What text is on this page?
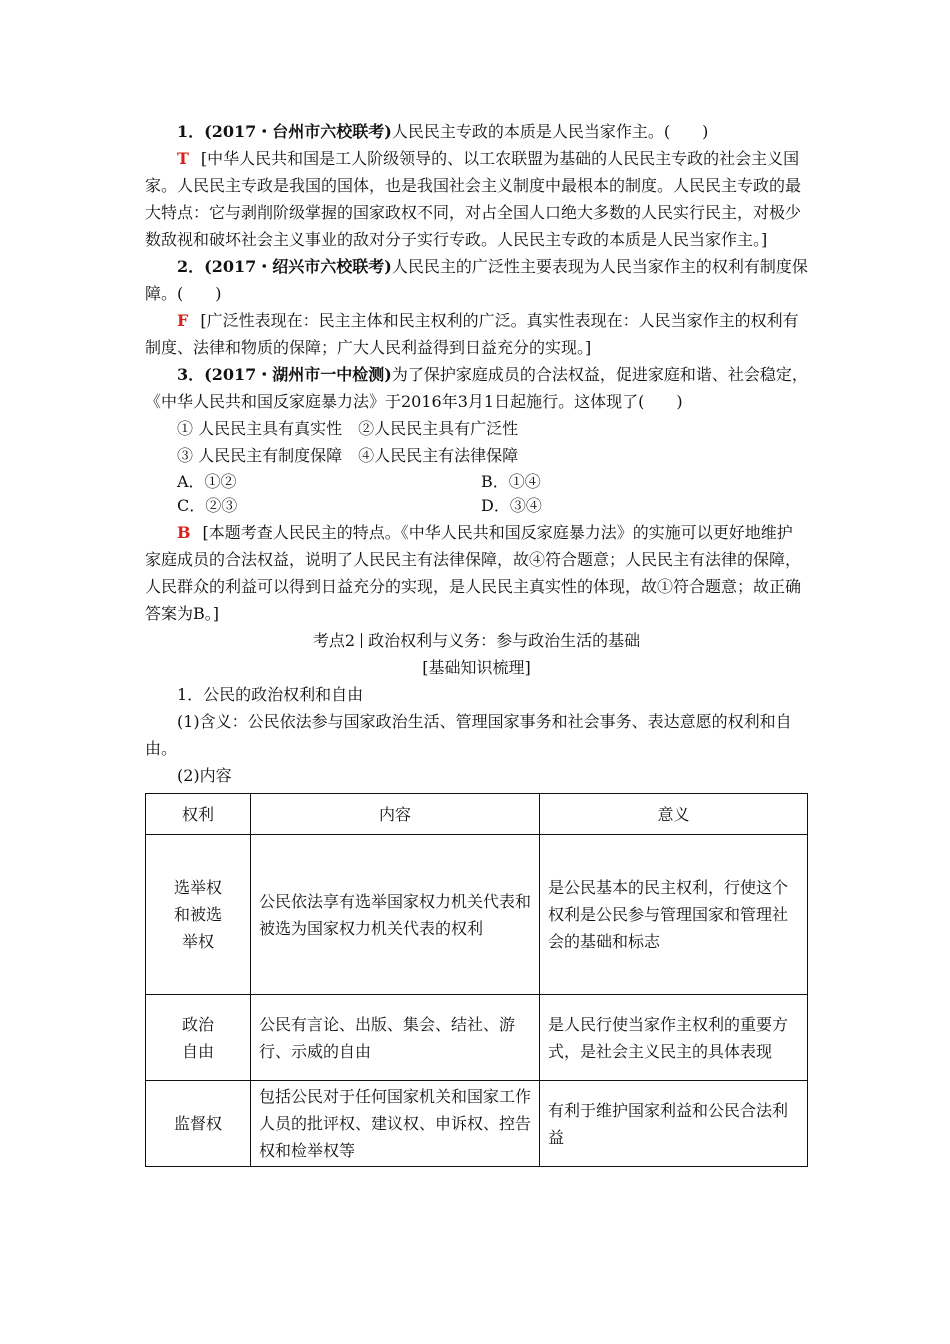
1．(2017・台州市六校联考)人民民主专政的本质是人民当家作主。(　　)

T [中华人民共和国是工人阶级领导的、以工农联盟为基础的人民民主专政的社会主义国家。人民民主专政是我国的国体，也是我国社会主义制度中最根本的制度。人民民主专政的最大特点：它与剥削阶级掌握的国家政权不同，对占全国人口绝大多数的人民实行民主，对极少数敌视和破坏社会主义事业的敌对分子实行专政。人民民主专政的本质是人民当家作主。]

2．(2017・绍兴市六校联考)人民民主的广泛性主要表现为人民当家作主的权利有制度保障。(　　)

F [广泛性表现在：民主主体和民主权利的广泛。真实性表现在：人民当家作主的权利有制度、法律和物质的保障；广大人民利益得到日益充分的实现。]

3．(2017・湖州市一中检测)为了保护家庭成员的合法权益，促进家庭和谐、社会稳定，《中华人民共和国反家庭暴力法》于2016年3月1日起施行。这体现了(　　)

① 人民民主具有真实性　②人民民主具有广泛性

③ 人民民主有制度保障　④人民民主有法律保障

A．①②	B．①④
C．②③	D．③④

B [本题考查人民民主的特点。《中华人民共和国反家庭暴力法》的实施可以更好地维护家庭成员的合法权益，说明了人民民主有法律保障，故④符合题意；人民民主有法律的保障，人民群众的利益可以得到日益充分的实现，是人民民主真实性的体现，故①符合题意；故正确答案为B。]

考点2 政治权利与义务：参与政治生活的基础
[基础知识梳理]

1．公民的政治权利和自由

(1)含义：公民依法参与国家政治生活、管理国家事务和社会事务、表达意愿的权利和自由。

(2)内容

权利	内容	意义

选举权
和被选
举权	公民依法享有选举国家权力机关代表和被选为国家权力机关代表的权利	是公民基本的民主权利，行使这个权利是公民参与管理国家和管理社会的基础和标志

政治
自由	公民有言论、出版、集会、结社、游行、示威的自由	是人民行使当家作主权利的重要方式，是社会主义民主的具体表现

监督权	包括公民对于任何国家机关和国家工作人员的批评权、建议权、申诉权、控告权和检举权等	有利于维护国家利益和公民合法利益
